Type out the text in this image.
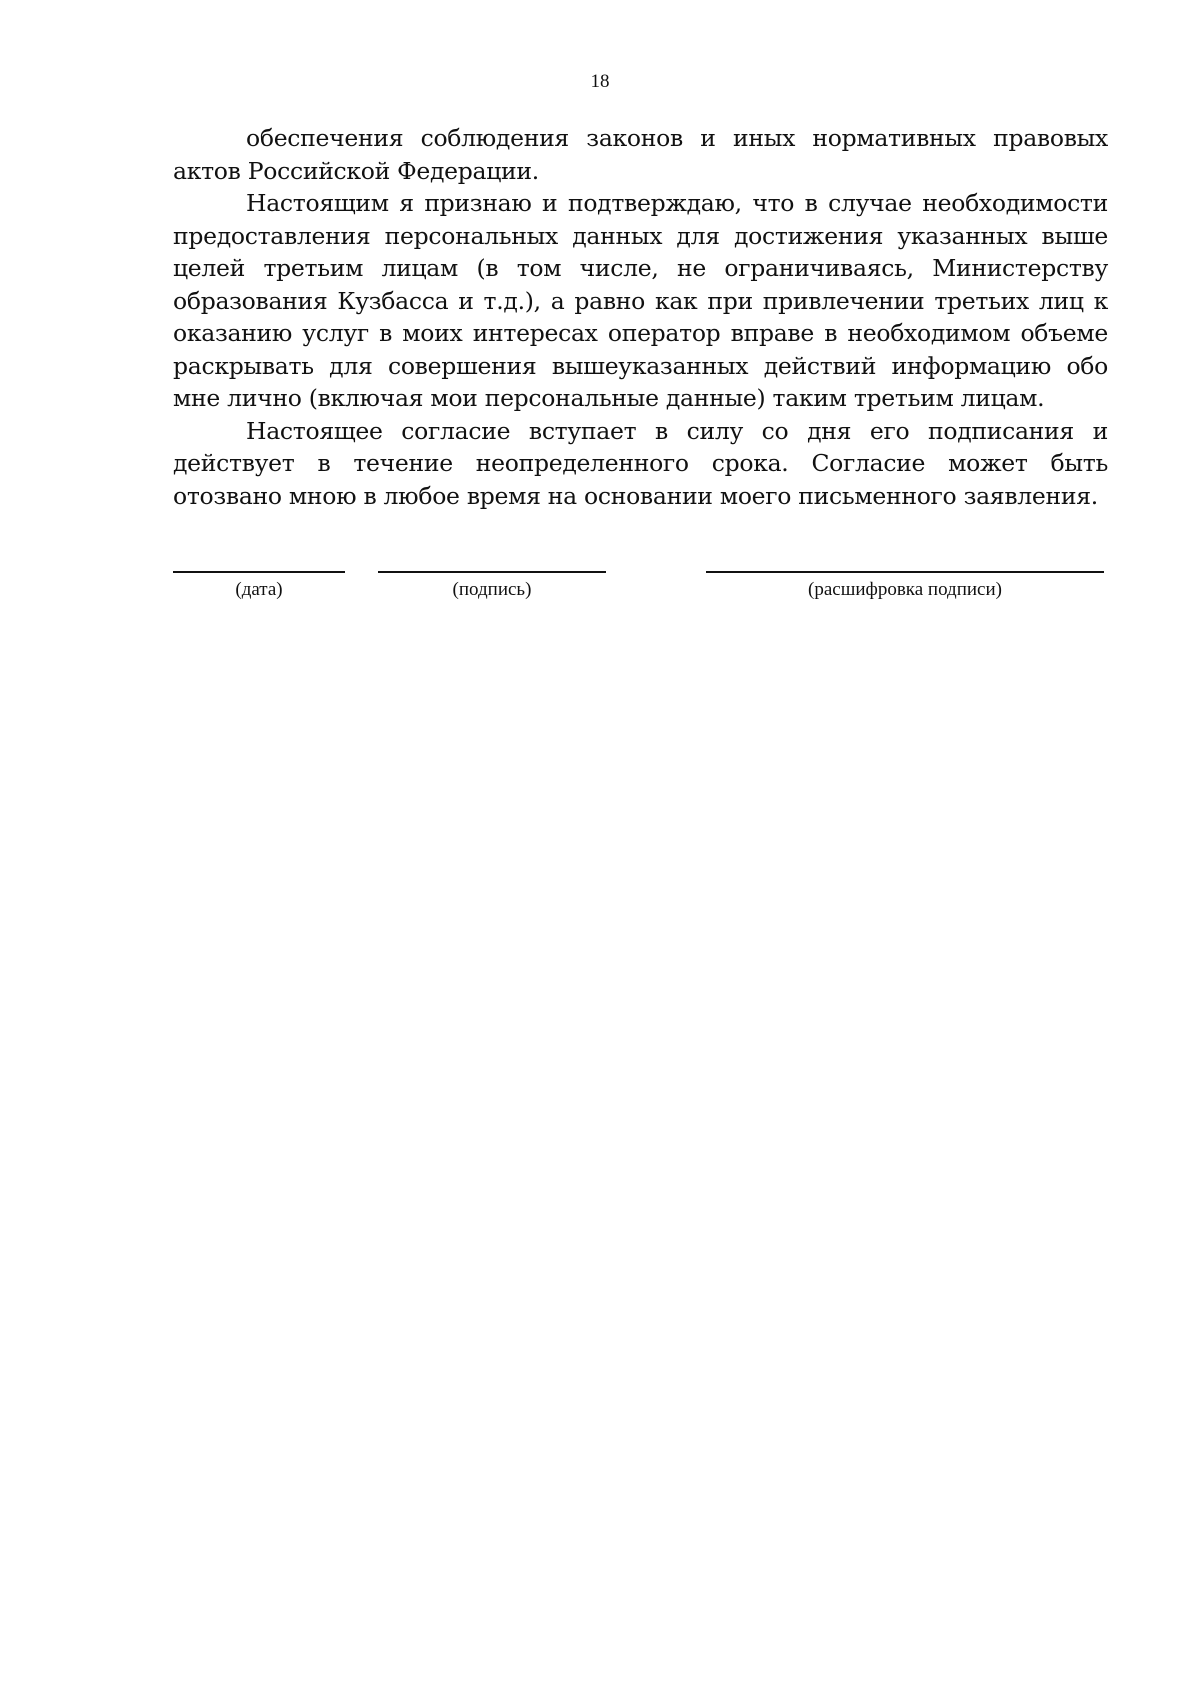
18

обеспечения соблюдения законов и иных нормативных правовых актов Российской Федерации.

Настоящим я признаю и подтверждаю, что в случае необходимости предоставления персональных данных для достижения указанных выше целей третьим лицам (в том числе, не ограничиваясь, Министерству образования Кузбасса и т.д.), а равно как при привлечении третьих лиц к оказанию услуг в моих интересах оператор вправе в необходимом объеме раскрывать для совершения вышеуказанных действий информацию обо мне лично (включая мои персональные данные) таким третьим лицам.

Настоящее согласие вступает в силу со дня его подписания и действует в течение неопределенного срока. Согласие может быть отозвано мною в любое время на основании моего письменного заявления.

(дата)	(подпись)	(расшифровка подписи)
